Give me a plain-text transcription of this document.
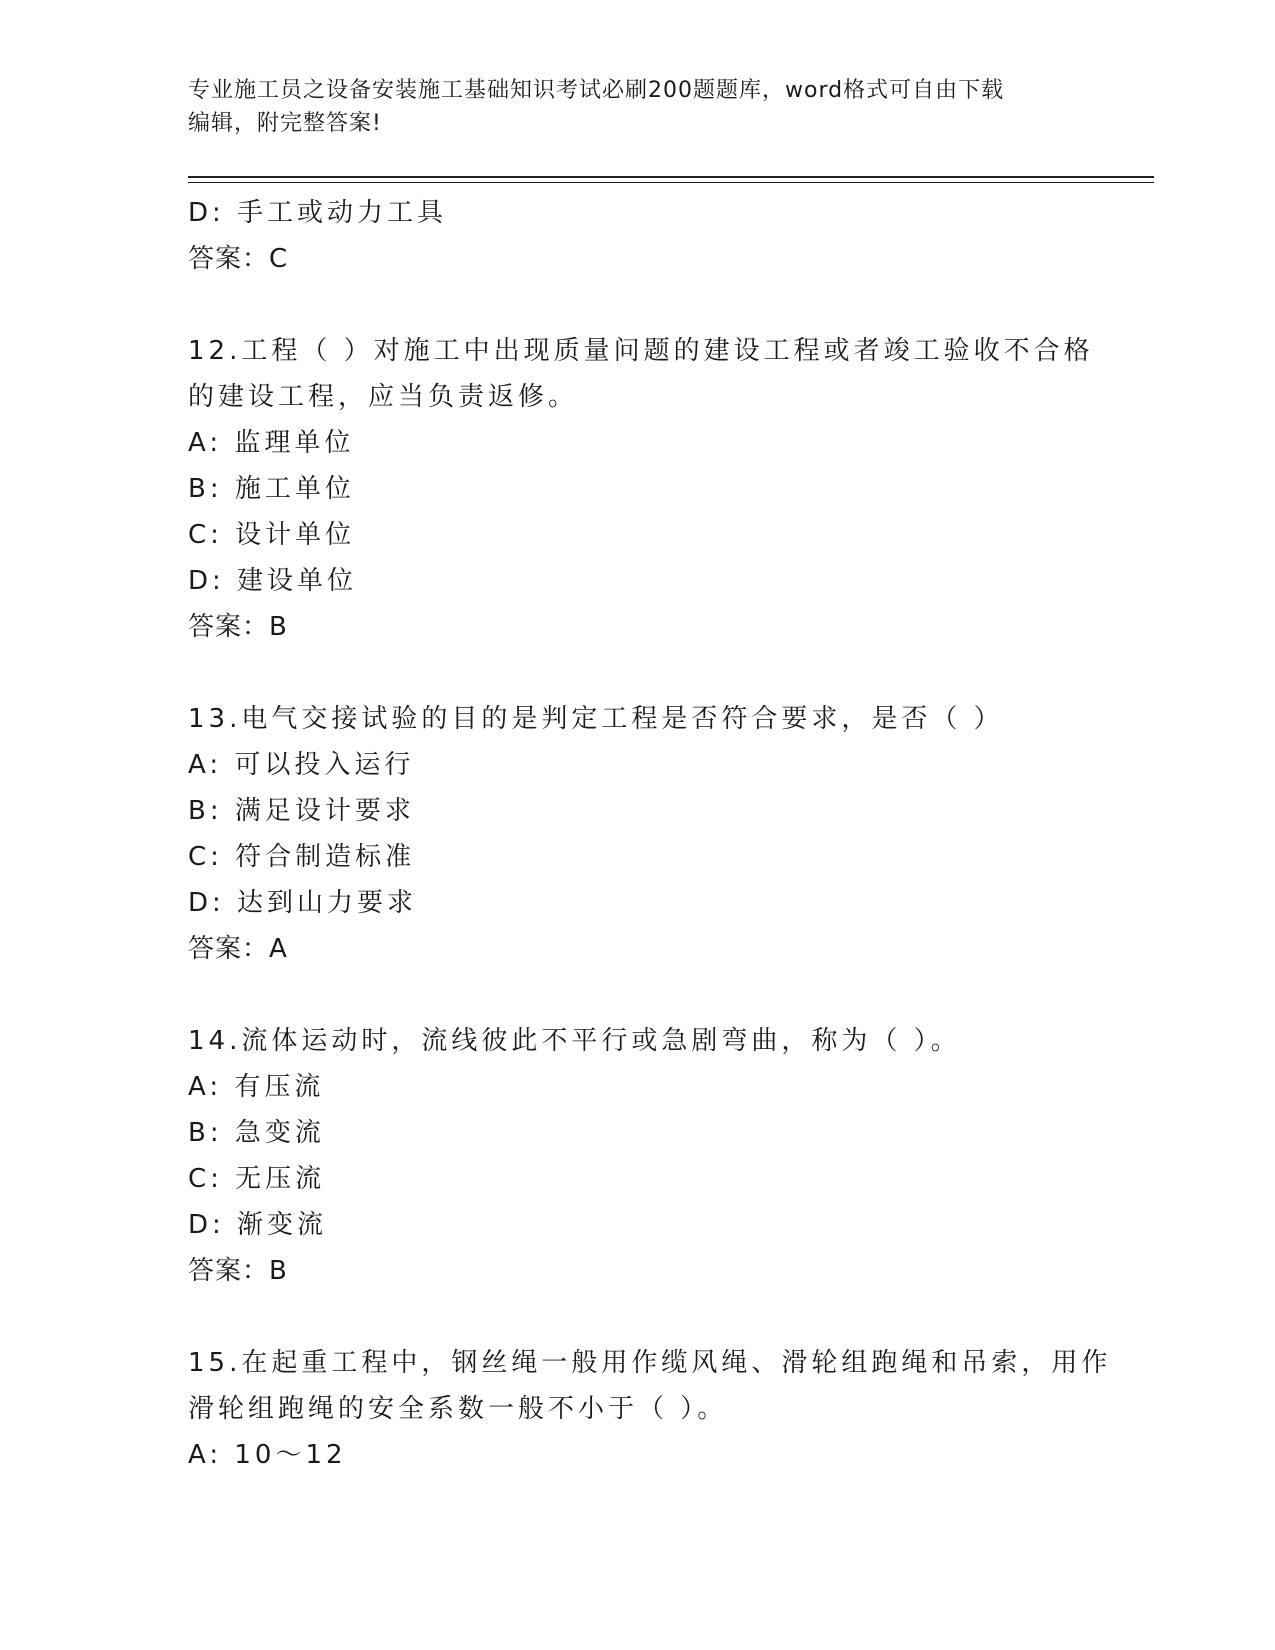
专业施工员之设备安装施工基础知识考试必刷200题题库，word格式可自由下载
编辑，附完整答案!
D: 手工或动力工具
答案：C
12.工程（ ）对施工中出现质量问题的建设工程或者竣工验收不合格
的建设工程，应当负责返修。
A: 监理单位
B: 施工单位
C: 设计单位
D: 建设单位
答案：B
13.电气交接试验的目的是判定工程是否符合要求，是否（ ）
A: 可以投入运行
B: 满足设计要求
C: 符合制造标准
D: 达到山力要求
答案：A
14.流体运动时，流线彼此不平行或急剧弯曲，称为（ ）。
A: 有压流
B: 急变流
C: 无压流
D: 渐变流
答案：B
15.在起重工程中，钢丝绳一般用作缆风绳、滑轮组跑绳和吊索，用作
滑轮组跑绳的安全系数一般不小于（ ）。
A: 10～12
